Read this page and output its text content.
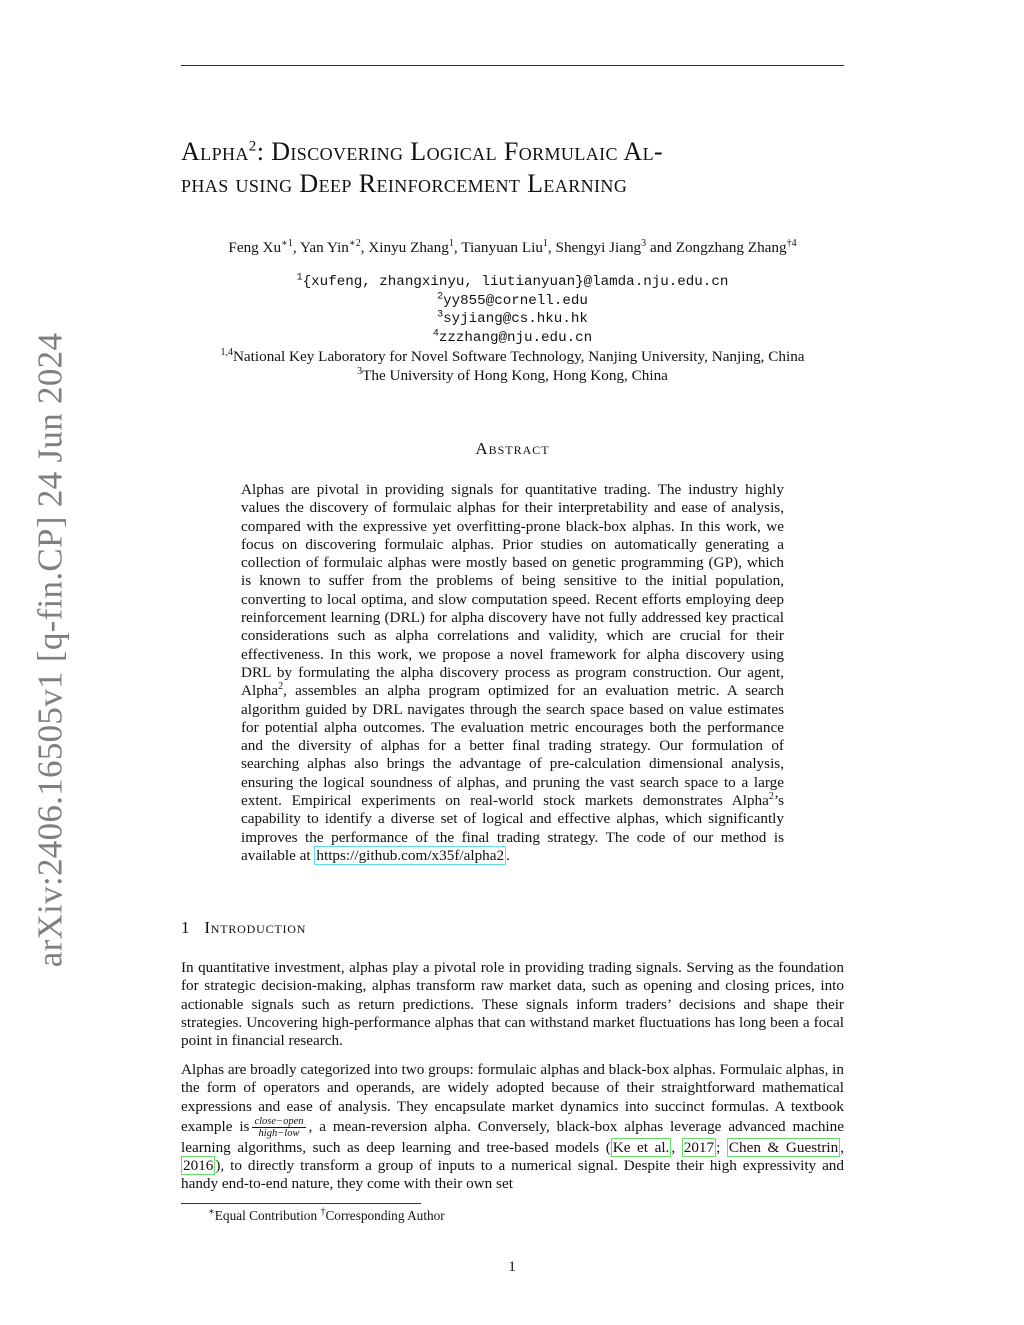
arXiv:2406.16505v1 [q-fin.CP] 24 Jun 2024
Alpha$^2$: Discovering Logical Formulaic Al-
phas using Deep Reinforcement Learning
Feng $Xu^{∗1}$, Yan Yin$^{∗2}$, Xinyu Zhang$^1$, Tianyuan Liu$^1$, Shengyi Jiang$^3$ and Zongzhang Zhang$^{\dagger 4}$
$^1${xufeng, zhangxinyu, liutianyuan}@lamda.nju.edu.cn
$^2$yy855@cornell.edu
$^3$syjiang@cs.hku.hk
$^4$zzzhang@nju.edu.cn
$^{1,4}$National Key Laboratory for Novel Software Technology, Nanjing University, Nanjing, China
$^3$The University of Hong Kong, Hong Kong, China
Abstract
Alphas are pivotal in providing signals for quantitative trading. The industry highly values the discovery of formulaic alphas for their interpretability and ease of analysis, compared with the expressive yet overfitting-prone black-box alphas. In this work, we focus on discovering formulaic alphas. Prior studies on automatically generating a collection of formulaic alphas were mostly based on genetic programming (GP), which is known to suffer from the problems of being sensitive to the initial population, converting to local optima, and slow computation speed. Recent efforts employing deep reinforcement learning (DRL) for alpha discovery have not fully addressed key practical considerations such as alpha correlations and validity, which are crucial for their effectiveness. In this work, we propose a novel framework for alpha discovery using DRL by formulating the alpha discovery process as program construction. Our agent, Alpha$^2$, assembles an alpha program optimized for an evaluation metric. A search algorithm guided by DRL navigates through the search space based on value estimates for potential alpha outcomes. The evaluation metric encourages both the performance and the diversity of alphas for a better final trading strategy. Our formulation of searching alphas also brings the advantage of pre-calculation dimensional analysis, ensuring the logical soundness of alphas, and pruning the vast search space to a large extent. Empirical experiments on real-world stock markets demonstrates Alpha$^2$’s capability to identify a diverse set of logical and effective alphas, which significantly improves the performance of the final trading strategy. The code of our method is available at https://github.com/x35f/alpha2 .
1 Introduction

In quantitative investment, alphas play a pivotal role in providing trading signals. Serving as the foundation for strategic decision-making, alphas transform raw market data, such as opening and closing prices, into actionable signals such as return predictions. These signals inform traders’ decisions and shape their strategies. Uncovering high-performance alphas that can withstand market fluctuations has long been a focal point in financial research.

Alphas are broadly categorized into two groups: formulaic alphas and black-box alphas. Formulaic alphas, in the form of operators and operands, are widely adopted because of their straightforward mathematical expressions and ease of analysis. They encapsulate market dynamics into succinct formulas. A textbook example is $\frac{\text{close−open}}{\text{high−low}}$ , a mean-reversion alpha. Conversely, black-box alphas leverage advanced machine learning algorithms, such as deep learning and tree-based models ( Ke et al. , 2017 ; Chen & Guestrin , 2016 ), to directly transform a group of inputs to a numerical signal. Despite their high expressivity and handy end-to-end nature, they come with their own set

∗Equal Contribution †Corresponding Author
1
